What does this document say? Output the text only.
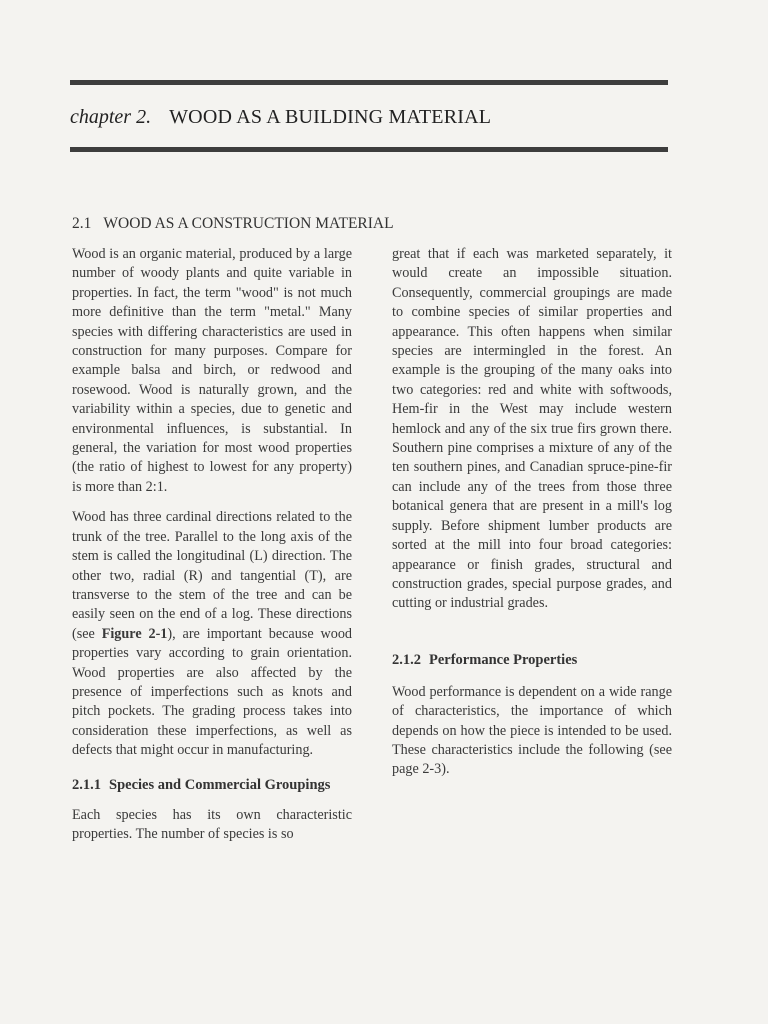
chapter 2. WOOD AS A BUILDING MATERIAL
2.1 WOOD AS A CONSTRUCTION MATERIAL

Wood is an organic material, produced by a large number of woody plants and quite variable in properties. In fact, the term "wood" is not much more definitive than the term "metal." Many species with differing characteristics are used in construction for many purposes. Compare for example balsa and birch, or redwood and rosewood. Wood is naturally grown, and the variability within a species, due to genetic and environmental influences, is substantial. In general, the variation for most wood properties (the ratio of highest to lowest for any property) is more than 2:1.

Wood has three cardinal directions related to the trunk of the tree. Parallel to the long axis of the stem is called the longitudinal (L) direction. The other two, radial (R) and tangential (T), are transverse to the stem of the tree and can be easily seen on the end of a log. These directions (see Figure 2-1), are important because wood properties vary according to grain orientation. Wood properties are also affected by the presence of imperfections such as knots and pitch pockets. The grading process takes into consideration these imperfections, as well as defects that might occur in manufacturing.

2.1.1 Species and Commercial Groupings

Each species has its own characteristic properties. The number of species is so

great that if each was marketed separately, it would create an impossible situation. Consequently, commercial groupings are made to combine species of similar properties and appearance. This often happens when similar species are intermingled in the forest. An example is the grouping of the many oaks into two categories: red and white with softwoods, Hem-fir in the West may include western hemlock and any of the six true firs grown there. Southern pine comprises a mixture of any of the ten southern pines, and Canadian spruce-pine-fir can include any of the trees from those three botanical genera that are present in a mill's log supply. Before shipment lumber products are sorted at the mill into four broad categories: appearance or finish grades, structural and construction grades, special purpose grades, and cutting or industrial grades.

2.1.2 Performance Properties

Wood performance is dependent on a wide range of characteristics, the importance of which depends on how the piece is intended to be used. These characteristics include the following (see page 2-3).
